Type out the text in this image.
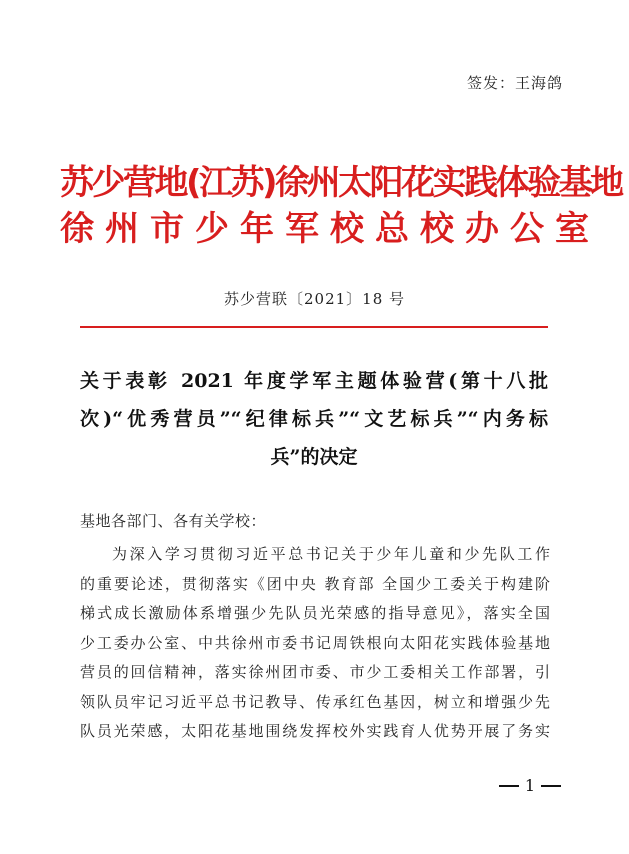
签发：王海鸽
苏少营地(江苏)徐州太阳花实践体验基地
徐州市少年军校总校办公室
苏少营联〔2021〕18 号
关于表彰 2021 年度学军主题体验营(第十八批
次)“优秀营员”“纪律标兵”“文艺标兵”“内务标
兵”的决定
基地各部门、各有关学校：
为深入学习贯彻习近平总书记关于少年儿童和少先队工作
的重要论述，贯彻落实《团中央 教育部 全国少工委关于构建阶
梯式成长激励体系增强少先队员光荣感的指导意见》，落实全国
少工委办公室、中共徐州市委书记周铁根向太阳花实践体验基地
营员的回信精神，落实徐州团市委、市少工委相关工作部署，引
领队员牢记习近平总书记教导、传承红色基因，树立和增强少先
队员光荣感，太阳花基地围绕发挥校外实践育人优势开展了务实
1
